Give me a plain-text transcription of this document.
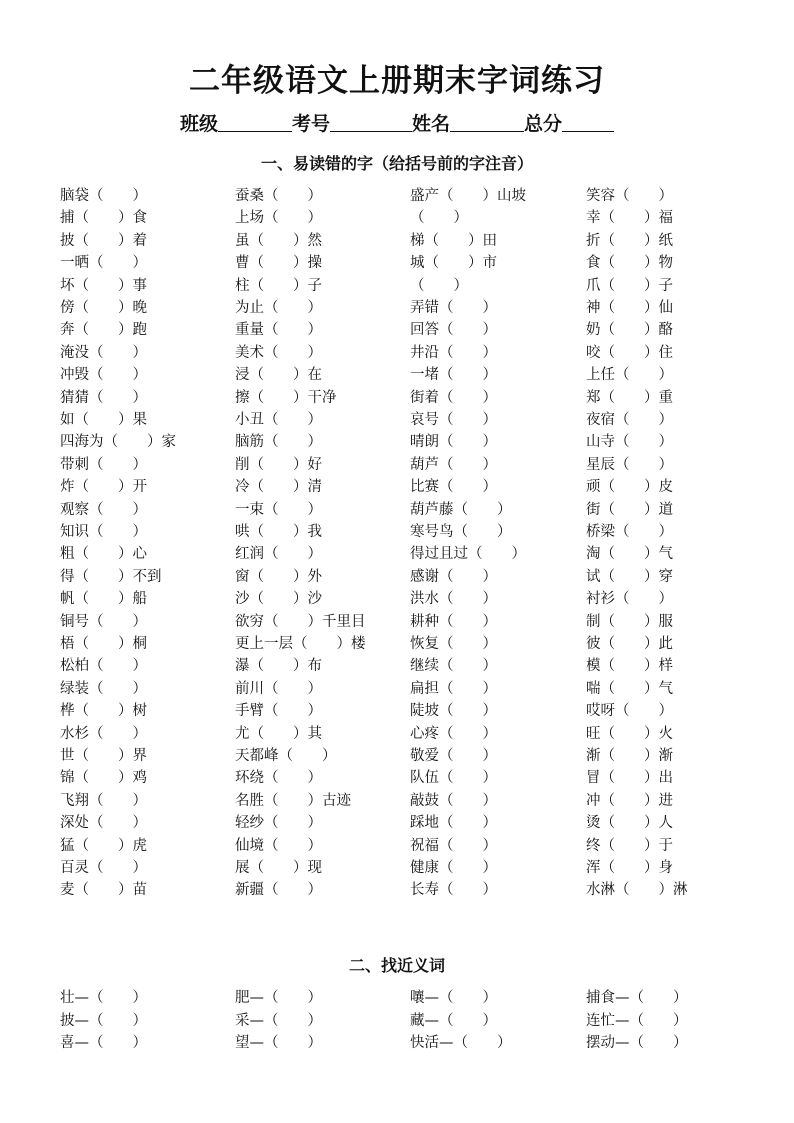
二年级语文上册期末字词练习
班级	考号	姓名	总分
一、易读错的字（给括号前的字注音）
脑袋（　　）	蚕桑（　　）	盛产（　　）山坡	笑容（　　）
捕（　　）食	上场（　　）	（　　）	幸（　　）福
披（　　）着	虽（　　）然	梯（　　）田	折（　　）纸
一晒（　　）	曹（　　）操	城（　　）市	食（　　）物
坏（　　）事	柱（　　）子	（　　）	爪（　　）子
傍（　　）晚	为止（　　）	弄错（　　）	神（　　）仙
奔（　　）跑	重量（　　）	回答（　　）	奶（　　）酪
淹没（　　）	美术（　　）	井沿（　　）	咬（　　）住
冲毁（　　）	浸（　　）在	一堵（　　）	上任（　　）
猜猜（　　）	擦（　　）干净	街着（　　）	郑（　　）重
如（　　）果	小丑（　　）	哀号（　　）	夜宿（　　）
四海为（　　）家	脑筋（　　）	晴朗（　　）	山寺（　　）
带刺（　　）	削（　　）好	葫芦（　　）	星辰（　　）
炸（　　）开	冷（　　）清	比赛（　　）	顽（　　）皮
观察（　　）	一束（　　）	葫芦藤（　　）	街（　　）道
知识（　　）	哄（　　）我	寒号鸟（　　）	桥梁（　　）
粗（　　）心	红润（　　）	得过且过（　　）	淘（　　）气
得（　　）不到	窗（　　）外	感谢（　　）	试（　　）穿
帆（　　）船	沙（　　）沙	洪水（　　）	衬衫（　　）
铜号（　　）	欲穷（　　）千里目	耕种（　　）	制（　　）服
梧（　　）桐	更上一层（　　）楼	恢复（　　）	彼（　　）此
松柏（　　）	瀑（　　）布	继续（　　）	模（　　）样
绿装（　　）	前川（　　）	扁担（　　）	喘（　　）气
桦（　　）树	手臂（　　）	陡坡（　　）	哎呀（　　）
水杉（　　）	尤（　　）其	心疼（　　）	旺（　　）火
世（　　）界	天都峰（　　）	敬爱（　　）	渐（　　）渐
锦（　　）鸡	环绕（　　）	队伍（　　）	冒（　　）出
飞翔（　　）	名胜（　　）古迹	敲鼓（　　）	冲（　　）进
深处（　　）	轻纱（　　）	踩地（　　）	烫（　　）人
猛（　　）虎	仙境（　　）	祝福（　　）	终（　　）于
百灵（　　）	展（　　）现	健康（　　）	浑（　　）身
麦（　　）苗	新疆（　　）	长寿（　　）	水淋（　　）淋
二、找近义词
壮—（　　）	肥—（　　）	嚷—（　　）	捕食—（　　）
披—（　　）	采—（　　）	藏—（　　）	连忙—（　　）
喜—（　　）	望—（　　）	快活—（　　）	摆动—（　　）
